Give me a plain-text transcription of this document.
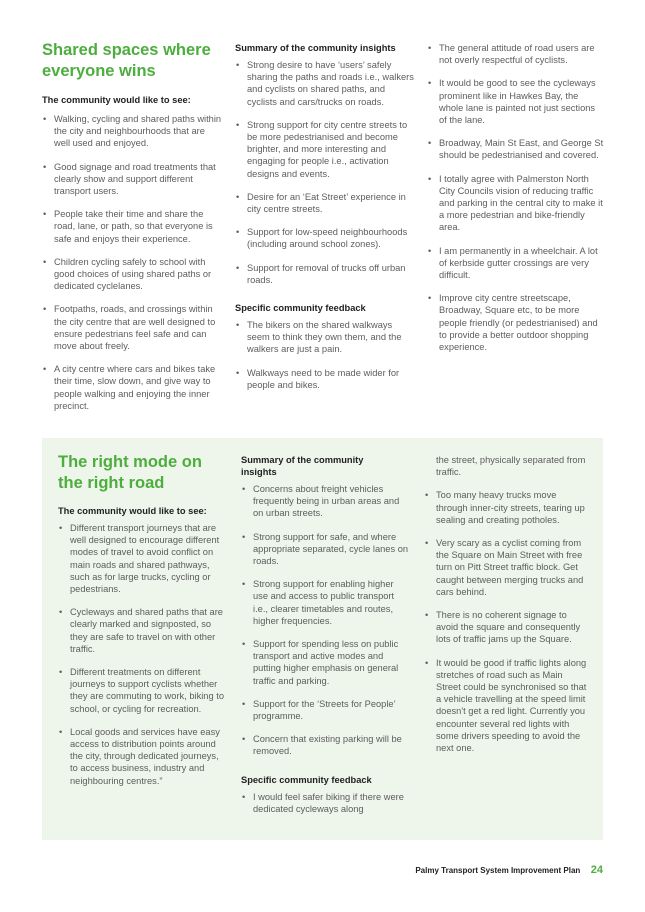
Shared spaces where everyone wins

The community would like to see:

• Walking, cycling and shared paths within the city and neighbourhoods that are well used and enjoyed.
• Good signage and road treatments that clearly show and support different transport users.
• People take their time and share the road, lane, or path, so that everyone is safe and enjoys their experience.
• Children cycling safely to school with good choices of using shared paths or dedicated cyclelanes.
• Footpaths, roads, and crossings within the city centre that are well designed to ensure pedestrians feel safe and can move about freely.
• A city centre where cars and bikes take their time, slow down, and give way to people walking and enjoying the inner precinct.

Summary of the community insights

• Strong desire to have ‘users’ safely sharing the paths and roads i.e., walkers and cyclists on shared paths, and cyclists and cars/trucks on roads.
• Strong support for city centre streets to be more pedestrianised and become brighter, and more interesting and engaging for people i.e., activation designs and events.
• Desire for an ‘Eat Street’ experience in city centre streets.
• Support for low-speed neighbourhoods (including around school zones).
• Support for removal of trucks off urban roads.

Specific community feedback

• The bikers on the shared walkways seem to think they own them, and the walkers are just a pain.
• Walkways need to be made wider for people and bikes.
• The general attitude of road users are not overly respectful of cyclists.
• It would be good to see the cycleways prominent like in Hawkes Bay, the whole lane is painted not just sections of the lane.
• Broadway, Main St East, and George St should be pedestrianised and covered.
• I totally agree with Palmerston North City Councils vision of reducing traffic and parking in the central city to make it a more pedestrian and bike-friendly area.
• I am permanently in a wheelchair. A lot of kerbside gutter crossings are very difficult.
• Improve city centre streetscape, Broadway, Square etc, to be more people friendly (or pedestrianised) and to provide a better outdoor shopping experience.
The right mode on the right road

The community would like to see:

• Different transport journeys that are well designed to encourage different modes of travel to avoid conflict on main roads and shared pathways, such as for large trucks, cycling or pedestrians.
• Cycleways and shared paths that are clearly marked and signposted, so they are safe to travel on with other traffic.
• Different treatments on different journeys to support cyclists whether they are commuting to work, biking to school, or cycling for recreation.
• Local goods and services have easy access to distribution points around the city, through dedicated journeys, to access business, industry and neighbouring centres.”

Summary of the community insights

• Concerns about freight vehicles frequently being in urban areas and on urban streets.
• Strong support for safe, and where appropriate separated, cycle lanes on roads.
• Strong support for enabling higher use and access to public transport i.e., clearer timetables and routes, higher frequencies.
• Support for spending less on public transport and active modes and putting higher emphasis on general traffic and parking.
• Support for the ‘Streets for People’ programme.
• Concern that existing parking will be removed.

Specific community feedback

• I would feel safer biking if there were dedicated cycleways along

the street, physically separated from traffic.

• Too many heavy trucks move through inner-city streets, tearing up sealing and creating potholes.
• Very scary as a cyclist coming from the Square on Main Street with free turn on Pitt Street traffic block. Get caught between merging trucks and cars behind.
• There is no coherent signage to avoid the square and consequently lots of traffic jams up the Square.
• It would be good if traffic lights along stretches of road such as Main Street could be synchronised so that a vehicle travelling at the speed limit doesn't get a red light. Currently you encounter several red lights with some drivers speeding to avoid the next one.
Palmy Transport System Improvement Plan 24
